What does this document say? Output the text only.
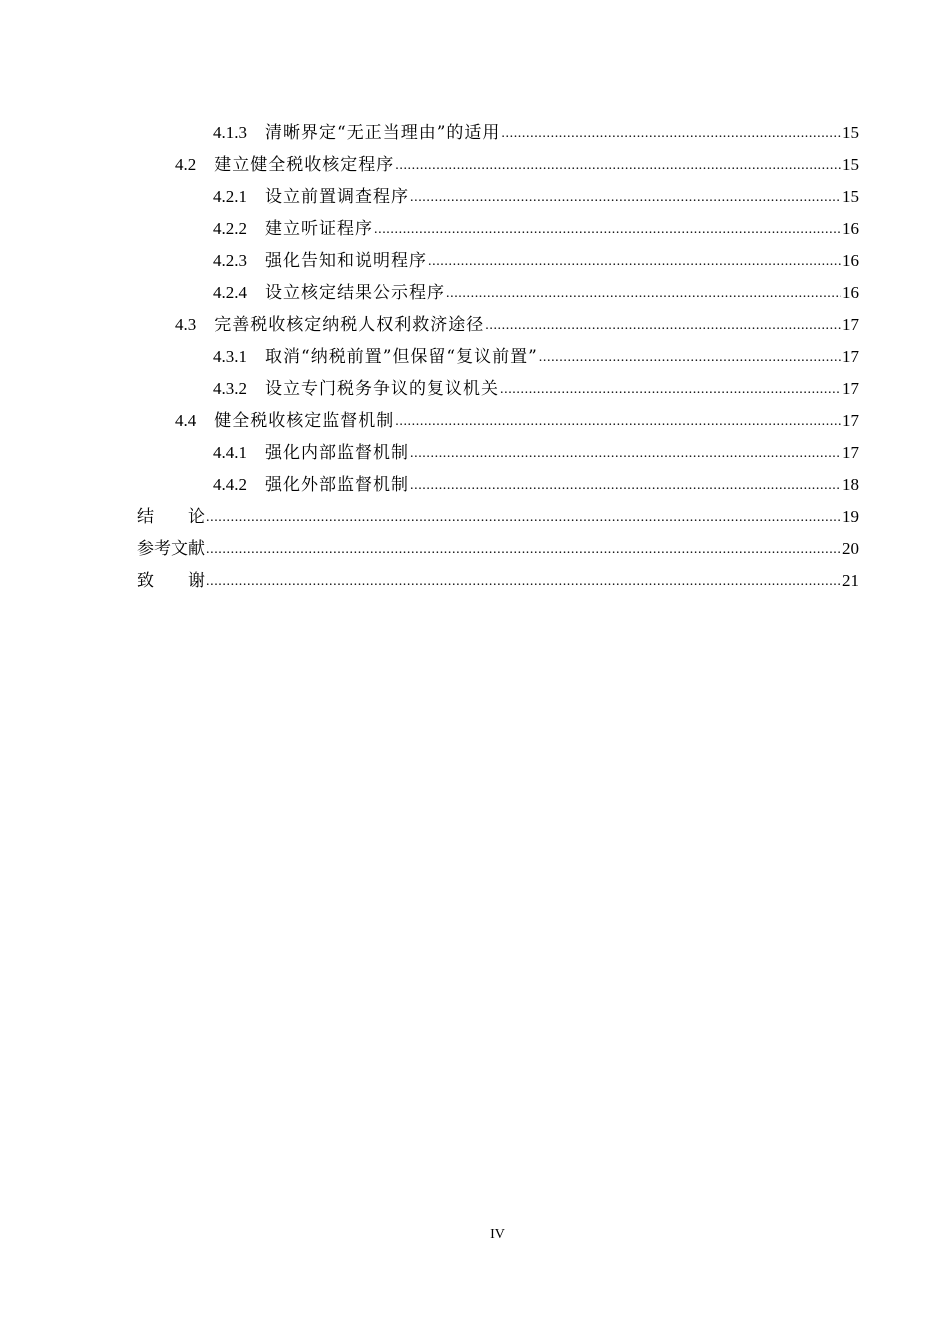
4.1.3 清晰界定“无正当理由”的适用 .....	15
4.2 建立健全税收核定程序 .....	15
4.2.1 设立前置调查程序 .....	15
4.2.2 建立听证程序 .....	16
4.2.3 强化告知和说明程序 .....	16
4.2.4 设立核定结果公示程序 .....	16
4.3 完善税收核定纳税人权利救济途径 .....	17
4.3.1 取消“纳税前置”但保留“复议前置” .....	17
4.3.2 设立专门税务争议的复议机关 .....	17
4.4 健全税收核定监督机制 .....	17
4.4.1 强化内部监督机制 .....	17
4.4.2 强化外部监督机制 .....	18
结　　论 .....	19
参考文献 .....	20
致　　谢 .....	21
IV
